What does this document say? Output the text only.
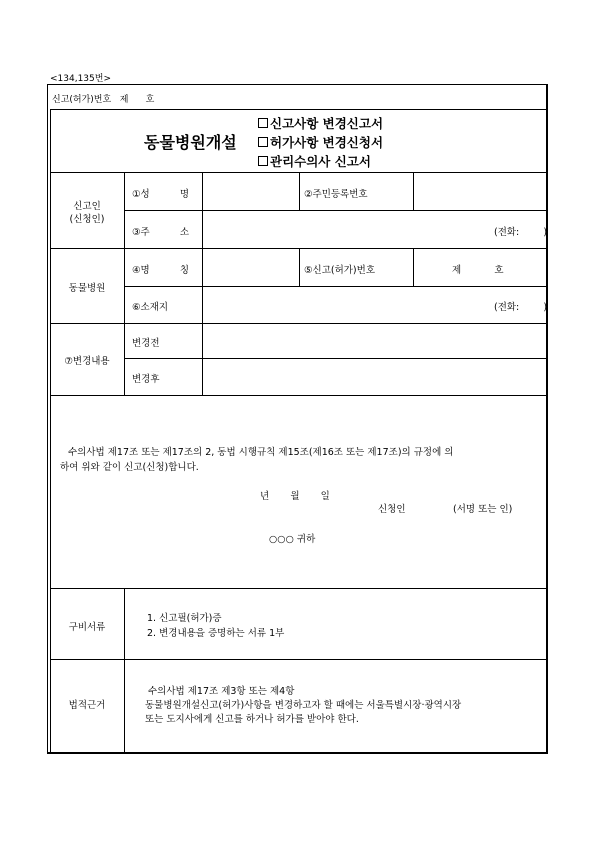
<134,135번>
신고(허가)번호   제      호
동물병원개설
신고사항 변경신고서
허가사항 변경신청서
관리수의사 신고서
신고인
(신청인)
①성          명	②주민등록번호
③주          소	(전화:        )
동물병원
④명          칭	⑤신고(허가)번호	제           호
⑥소재지	(전화:        )
⑦변경내용
변경전
변경후
수의사법 제17조 또는 제17조의 2, 동법 시행규칙 제15조(제16조 또는 제17조)의 규정에 의
하여 위와 같이 신고(신청)합니다.
년       월       일
신청인	(서명 또는 인)
○○○ 귀하
구비서류
1. 신고필(허가)증
2. 변경내용을 증명하는 서류 1부
법적근거
수의사법 제17조 제3항 또는 제4항
동물병원개설신고(허가)사항을 변경하고자 할 때에는 서울특별시장·광역시장
또는 도지사에게 신고를 하거나 허가를 받아야 한다.
